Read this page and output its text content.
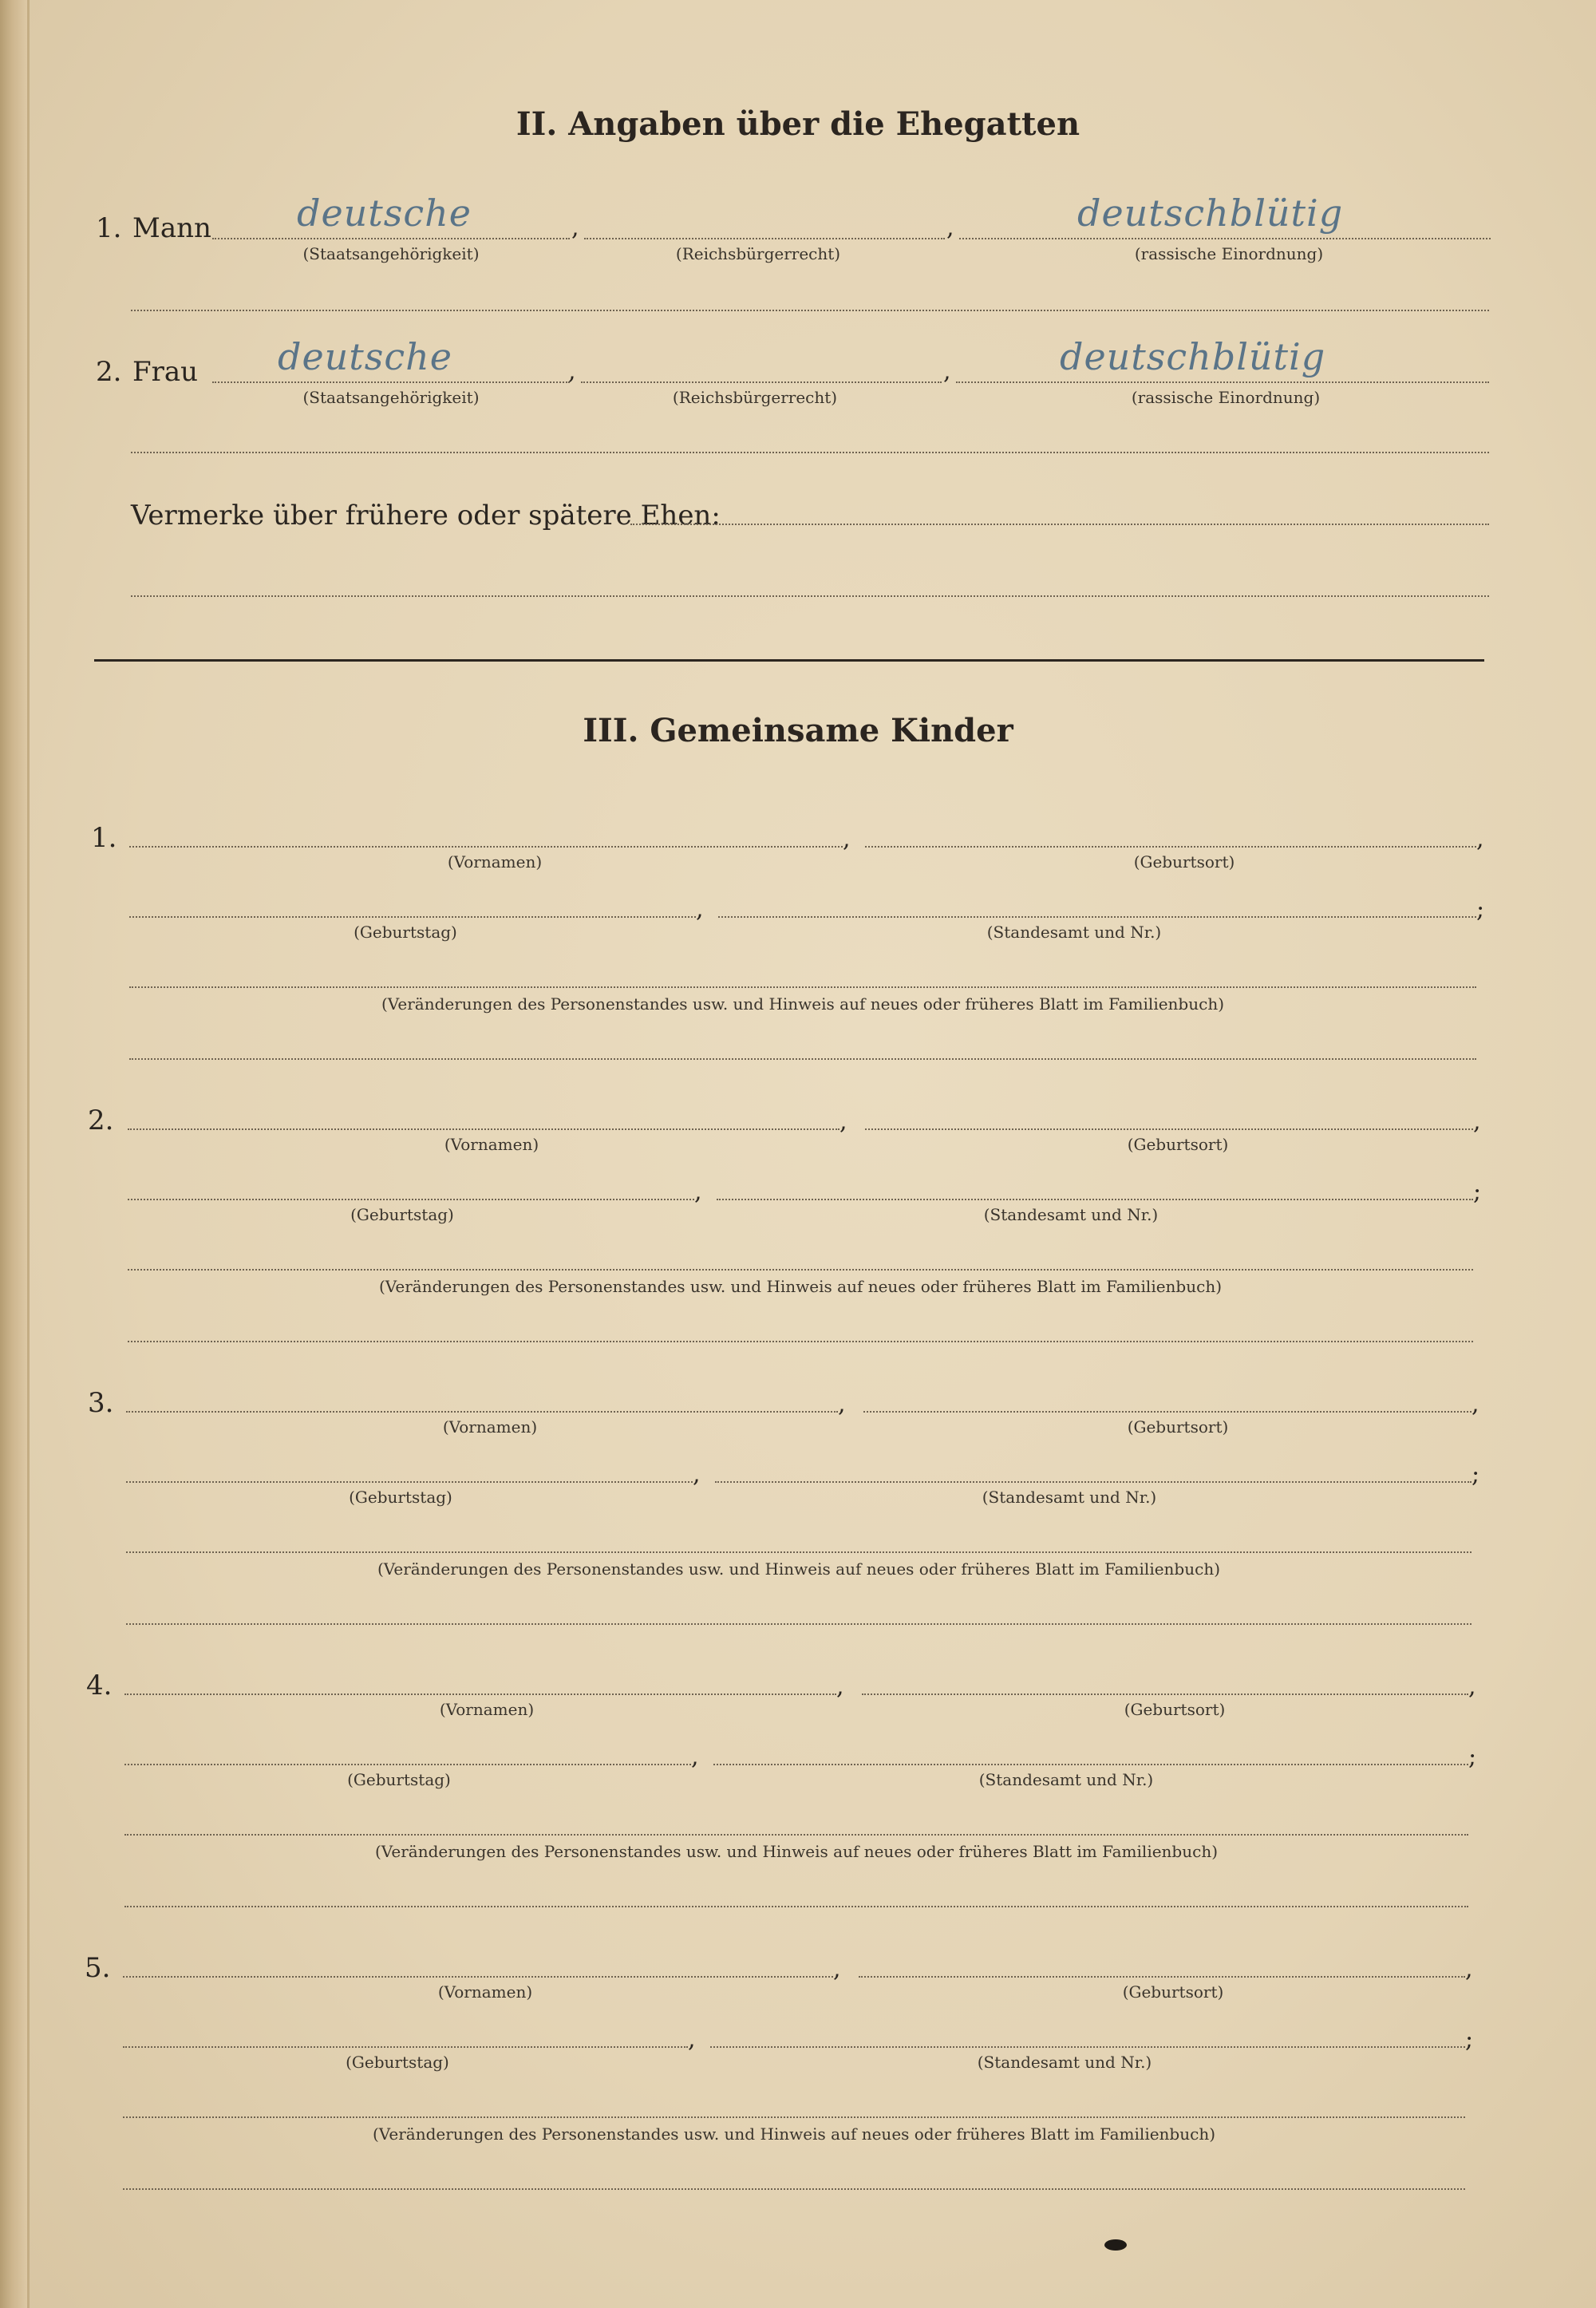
II. Angaben über die Ehegatten
1. Mann deutsche	,	,	deutschblütig
(Staatsangehörigkeit)	(Reichsbürgerrecht)	(rassische Einordnung)
2. Frau deutsche	,	,	deutschblütig
(Staatsangehörigkeit)	(Reichsbürgerrecht)	(rassische Einordnung)
Vermerke über frühere oder spätere Ehen:
III. Gemeinsame Kinder
1.	,	,
(Vornamen)	(Geburtsort)
,	;
(Geburtstag)	(Standesamt und Nr.)
(Veränderungen des Personenstandes usw. und Hinweis auf neues oder früheres Blatt im Familienbuch)
2.	,	,
(Vornamen)	(Geburtsort)
,	;
(Geburtstag)	(Standesamt und Nr.)
(Veränderungen des Personenstandes usw. und Hinweis auf neues oder früheres Blatt im Familienbuch)
3.	,	,
(Vornamen)	(Geburtsort)
,	;
(Geburtstag)	(Standesamt und Nr.)
(Veränderungen des Personenstandes usw. und Hinweis auf neues oder früheres Blatt im Familienbuch)
4.	,	,
(Vornamen)	(Geburtsort)
,	;
(Geburtstag)	(Standesamt und Nr.)
(Veränderungen des Personenstandes usw. und Hinweis auf neues oder früheres Blatt im Familienbuch)
5.	,	,
(Vornamen)	(Geburtsort)
,	;
(Geburtstag)	(Standesamt und Nr.)
(Veränderungen des Personenstandes usw. und Hinweis auf neues oder früheres Blatt im Familienbuch)
